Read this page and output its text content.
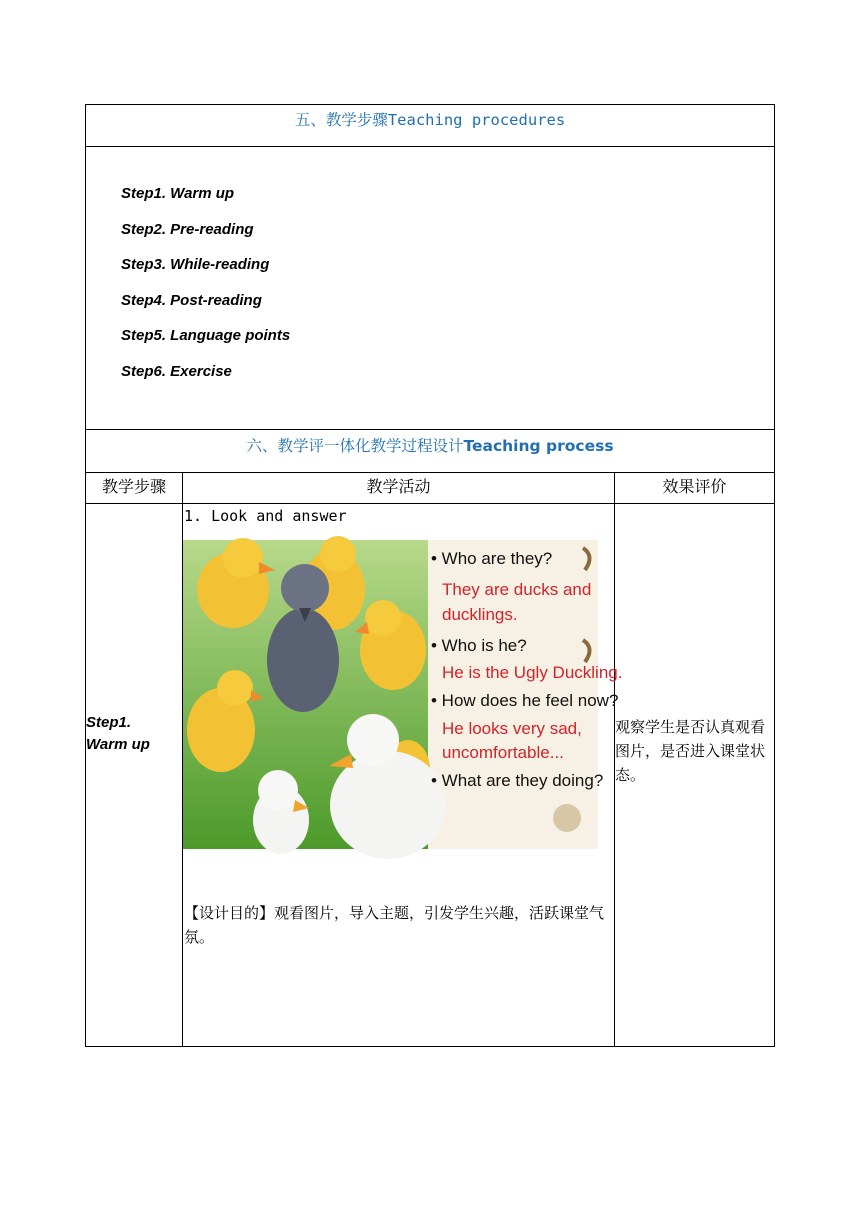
五、教学步骤Teaching procedures
Step1. Warm up
Step2. Pre-reading
Step3. While-reading
Step4. Post-reading
Step5. Language points
Step6. Exercise
六、教学评一体化教学过程设计Teaching process
教学步骤	教学活动	效果评价
Step1.
Warm up
1. Look and answer
• Who are they?
They are ducks and
ducklings.
• Who is he?
He is the Ugly Duckling.
• How does he feel now?
He looks very sad,
uncomfortable...
• What are they doing?
【设计目的】观看图片，导入主题，引发学生兴趣，活跃课堂气氛。
观察学生是否认真观看图片，是否进入课堂状态。
